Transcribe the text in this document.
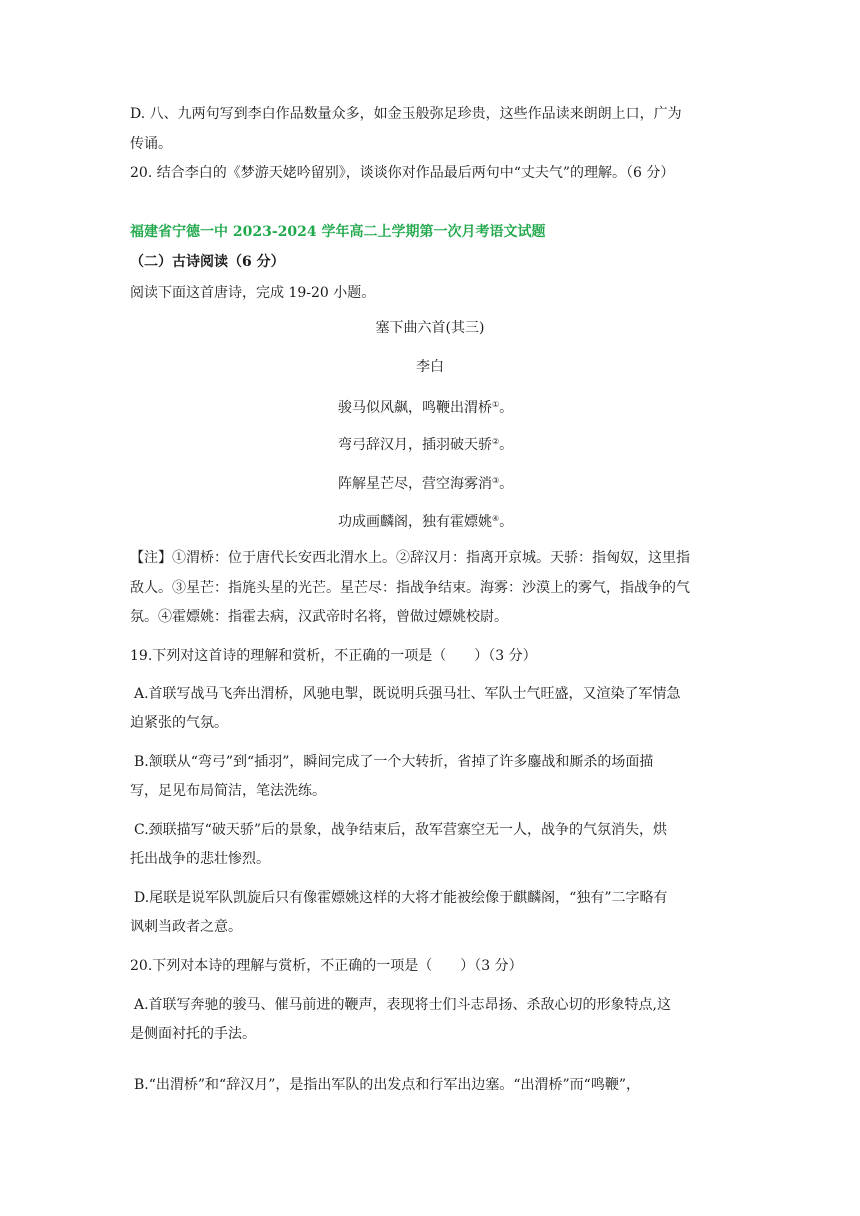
D. 八、九两句写到李白作品数量众多，如金玉般弥足珍贵，这些作品读来朗朗上口，广为
传诵。
20. 结合李白的《梦游天姥吟留别》，谈谈你对作品最后两句中“丈夫气”的理解。（6 分）
福建省宁德一中 2023-2024 学年高二上学期第一次月考语文试题
（二）古诗阅读（6 分）
阅读下面这首唐诗，完成 19-20 小题。
塞下曲六首(其三)
李白
骏马似风飙，鸣鞭出渭桥①。
弯弓辞汉月，插羽破天骄②。
阵解星芒尽，营空海雾消③。
功成画麟阁，独有霍嫖姚④。
【注】①渭桥：位于唐代长安西北渭水上。②辞汉月：指离开京城。天骄：指匈奴，这里指
敌人。③星芒：指旄头星的光芒。星芒尽：指战争结束。海雾：沙漠上的雾气，指战争的气
氛。④霍嫖姚：指霍去病，汉武帝时名将，曾做过嫖姚校尉。
19.下列对这首诗的理解和赏析，不正确的一项是（　　）（3 分）
A.首联写战马飞奔出渭桥，风驰电掣，既说明兵强马壮、军队士气旺盛，又渲染了军情急
迫紧张的气氛。
B.颔联从“弯弓”到“插羽”，瞬间完成了一个大转折，省掉了许多鏖战和厮杀的场面描
写，足见布局简洁，笔法洗练。
C.颈联描写“破天骄”后的景象，战争结束后，敌军营寨空无一人，战争的气氛消失，烘
托出战争的悲壮惨烈。
D.尾联是说军队凯旋后只有像霍嫖姚这样的大将才能被绘像于麒麟阁，“独有”二字略有
讽刺当政者之意。
20.下列对本诗的理解与赏析，不正确的一项是（　　）（3 分）
A.首联写奔驰的骏马、催马前进的鞭声，表现将士们斗志昂扬、杀敌心切的形象特点,这
是侧面衬托的手法。
B.“出渭桥”和“辞汉月”，是指出军队的出发点和行军出边塞。“出渭桥”而“鸣鞭”，
